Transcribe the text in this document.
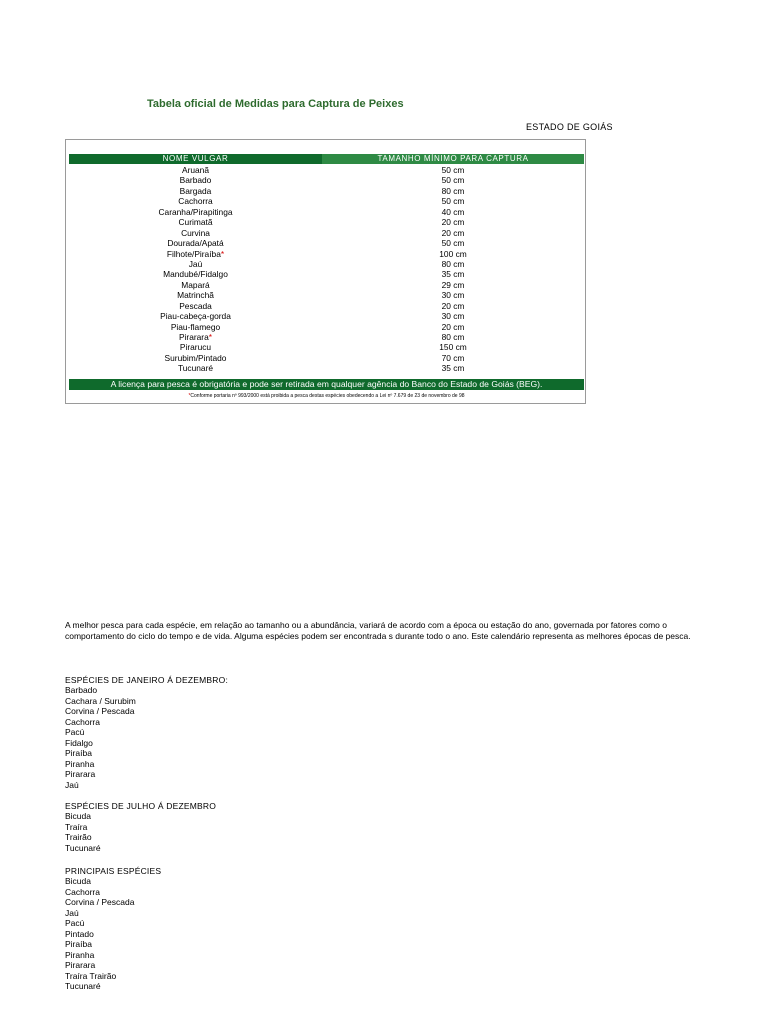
Tabela oficial de Medidas para Captura de Peixes
ESTADO DE GOIÁS
NOME VULGAR	TAMANHO MÍNIMO PARA CAPTURA
Aruanã	50 cm
Barbado	50 cm
Bargada	80 cm
Cachorra	50 cm
Caranha/Pirapitinga	40 cm
Curimatã	20 cm
Curvina	20 cm
Dourada/Apatá	50 cm
Filhote/Piraíba*	100 cm
Jaú	80 cm
Mandubé/Fidalgo	35 cm
Mapará	29 cm
Matrinchã	30 cm
Pescada	20 cm
Piau-cabeça-gorda	30 cm
Piau-flamego	20 cm
Pirarara*	80 cm
Pirarucu	150 cm
Surubim/Pintado	70 cm
Tucunaré	35 cm
A licença para pesca é obrigatória e pode ser retirada em qualquer agência do Banco do Estado de Goiás (BEG).
*Conforme portaria nº 993/2000 está proibida a pesca destas espécies obedecendo a Lei nº 7.679 de 23 de novembro de 98

A melhor pesca para cada espécie, em relação ao tamanho ou a abundância, variará de acordo com a época ou estação do ano, governada por fatores como o comportamento do ciclo do tempo e de vida. Alguma espécies podem ser encontrada s durante todo o ano. Este calendário representa as melhores épocas de pesca.

ESPÉCIES DE JANEIRO Á DEZEMBRO:
Barbado
Cachara / Surubim
Corvina / Pescada
Cachorra
Pacú
Fidalgo
Piraíba
Piranha
Pirarara
Jaú
ESPÉCIES DE JULHO Á DEZEMBRO
Bicuda
Traíra
Trairão
Tucunaré
PRINCIPAIS ESPÉCIES
Bicuda
Cachorra
Corvina / Pescada
Jaú
Pacú
Pintado
Piraíba
Piranha
Pirarara
Traíra Trairão
Tucunaré
